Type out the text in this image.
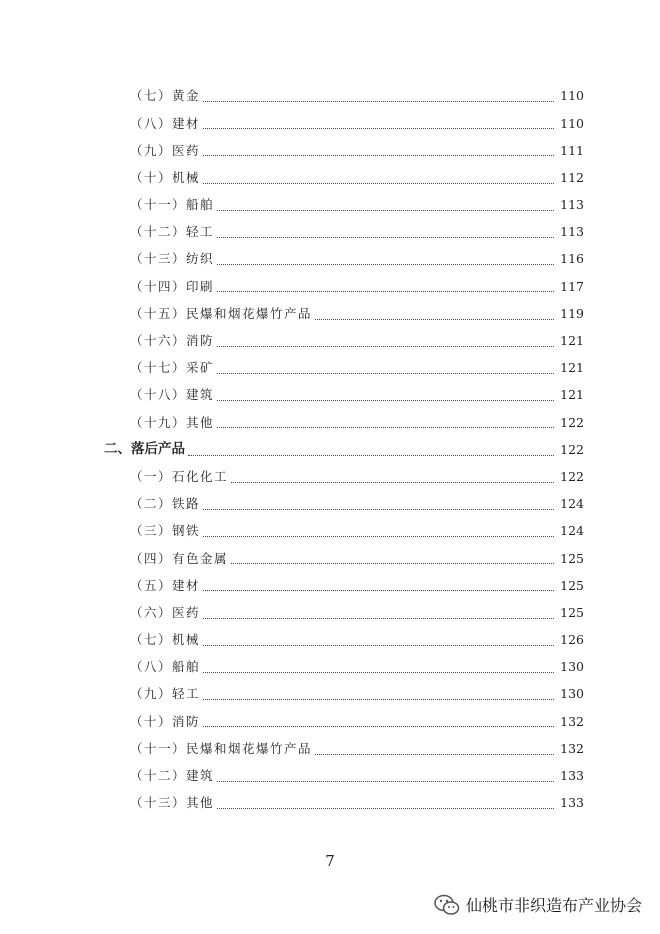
（七）黄金	110
（八）建材	110
（九）医药	111
（十）机械	112
（十一）船舶	113
（十二）轻工	113
（十三）纺织	116
（十四）印刷	117
（十五）民爆和烟花爆竹产品	119
（十六）消防	121
（十七）采矿	121
（十八）建筑	121
（十九）其他	122
二、落后产品	122
（一）石化化工	122
（二）铁路	124
（三）钢铁	124
（四）有色金属	125
（五）建材	125
（六）医药	125
（七）机械	126
（八）船舶	130
（九）轻工	130
（十）消防	132
（十一）民爆和烟花爆竹产品	132
（十二）建筑	133
（十三）其他	133
7
仙桃市非织造布产业协会
